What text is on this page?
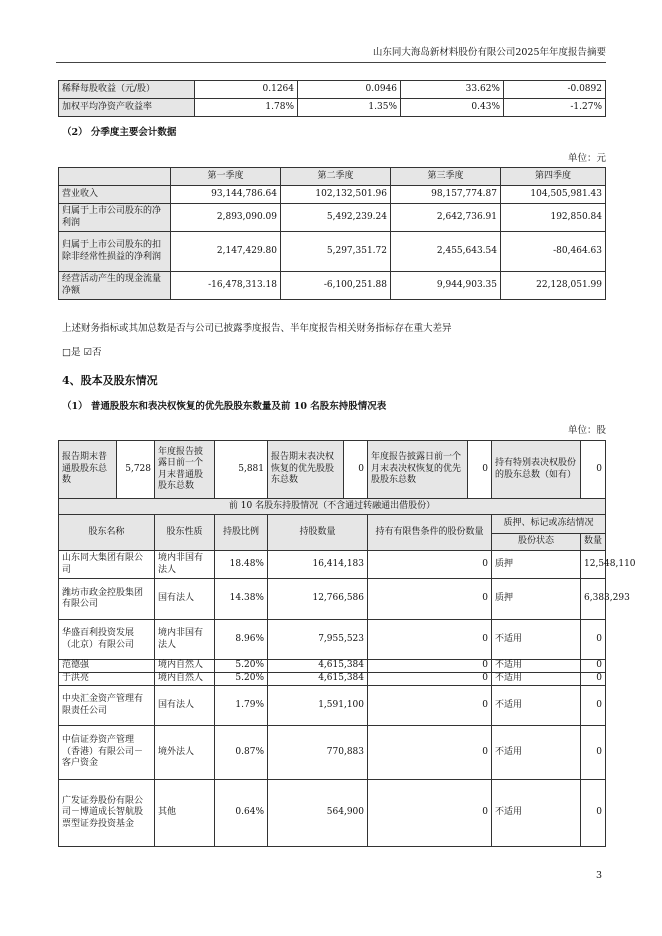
山东同大海岛新材料股份有限公司2025年年度报告摘要
稀释每股收益（元/股）	0.1264	0.0946	33.62%	-0.0892
加权平均净资产收益率	1.78%	1.35%	0.43%	-1.27%
（2） 分季度主要会计数据
单位：元
	第一季度	第二季度	第三季度	第四季度
营业收入	93,144,786.64	102,132,501.96	98,157,774.87	104,505,981.43
归属于上市公司股东的净利润	2,893,090.09	5,492,239.24	2,642,736.91	192,850.84
归属于上市公司股东的扣除非经常性损益的净利润	2,147,429.80	5,297,351.72	2,455,643.54	-80,464.63
经营活动产生的现金流量净额	-16,478,313.18	-6,100,251.88	9,944,903.35	22,128,051.99
上述财务指标或其加总数是否与公司已披露季度报告、半年度报告相关财务指标存在重大差异
□是 ☑否
4、股本及股东情况
（1） 普通股股东和表决权恢复的优先股股东数量及前 10 名股东持股情况表
单位：股
报告期末普通股股东总数	5,728	年度报告披露日前一个月末普通股股东总数	5,881	报告期末表决权恢复的优先股股东总数	0	年度报告披露日前一个月末表决权恢复的优先股股东总数	0	持有特别表决权股份的股东总数（如有）	0
前 10 名股东持股情况（不含通过转融通出借股份）									
股东名称		股东性质	持股比例	持股数量		持有有限售条件的股份数量		质押、标记或冻结情况	
								股份状态	数量
山东同大集团有限公司		境内非国有法人	18.48%	16,414,183		0		质押	12,548,110
潍坊市政金控股集团有限公司		国有法人	14.38%	12,766,586		0		质押	6,383,293
华盛百利投资发展（北京）有限公司		境内非国有法人	8.96%	7,955,523		0		不适用	0
范德强		境内自然人	5.20%	4,615,384		0		不适用	0
于洪亮		境内自然人	5.20%	4,615,384		0		不适用	0
中央汇金资产管理有限责任公司		国有法人	1.79%	1,591,100		0		不适用	0
中信证券资产管理（香港）有限公司－客户资金		境外法人	0.87%	770,883		0		不适用	0
广发证券股份有限公司－博道成长智航股票型证券投资基金		其他	0.64%	564,900		0		不适用	0
3
